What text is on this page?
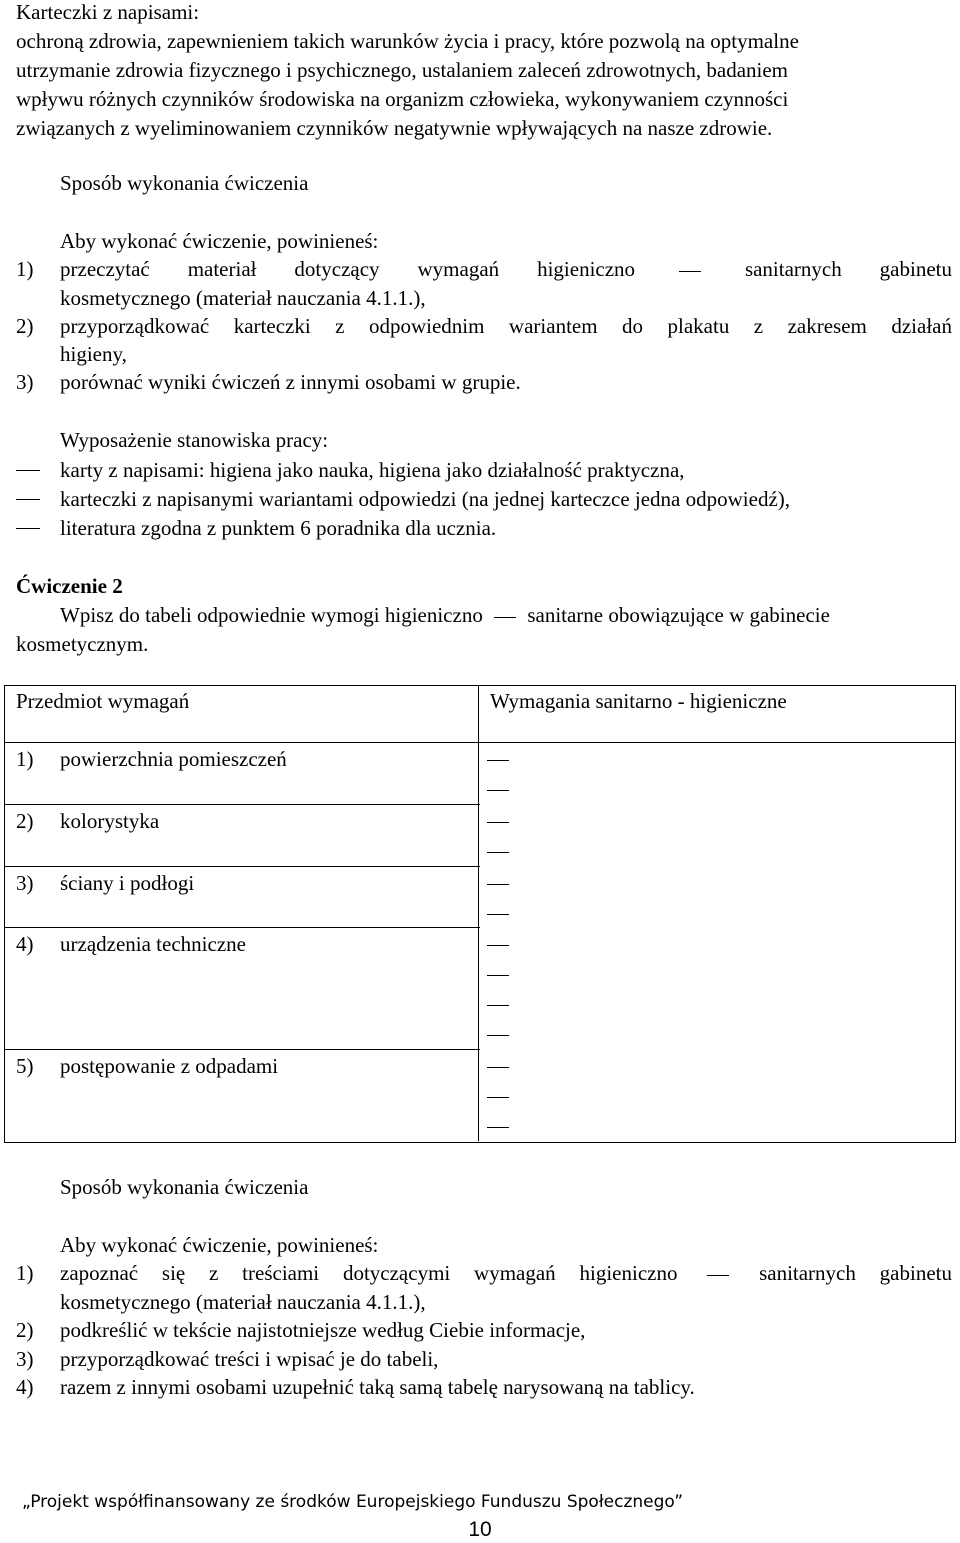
Karteczki z napisami:

ochroną zdrowia, zapewnieniem takich warunków życia i pracy, które pozwolą na optymalne

utrzymanie zdrowia fizycznego i psychicznego, ustalaniem zaleceń zdrowotnych, badaniem

wpływu różnych czynników środowiska na organizm człowieka, wykonywaniem czynności

związanych z wyeliminowaniem czynników negatywnie wpływających na nasze zdrowie.

Sposób wykonania ćwiczenia

Aby wykonać ćwiczenie, powinieneś:

1) przeczytać materiał dotyczący wymagań higieniczno  sanitarnych gabinetu

kosmetycznego (materiał nauczania 4.1.1.),

2) przyporządkować karteczki z odpowiednim wariantem do plakatu z zakresem działań

higieny,

3) porównać wyniki ćwiczeń z innymi osobami w grupie.

Wyposażenie stanowiska pracy:

karty z napisami: higiena jako nauka, higiena jako działalność praktyczna,

karteczki z napisanymi wariantami odpowiedzi (na jednej karteczce jedna odpowiedź),

literatura zgodna z punktem 6 poradnika dla ucznia.

Ćwiczenie 2

Wpisz do tabeli odpowiednie wymogi higieniczno  sanitarne obowiązujące w gabinecie

kosmetycznym.

Przedmiot wymagań	Wymagania sanitarno - higieniczne

1) powierzchnia pomieszczeń

2) kolorystyka

3) ściany i podłogi

4) urządzenia techniczne

5) postępowanie z odpadami

Sposób wykonania ćwiczenia

Aby wykonać ćwiczenie, powinieneś:

1) zapoznać się z treściami dotyczącymi wymagań higieniczno  sanitarnych gabinetu

kosmetycznego (materiał nauczania 4.1.1.),

2) podkreślić w tekście najistotniejsze według Ciebie informacje,

3) przyporządkować treści i wpisać je do tabeli,

4) razem z innymi osobami uzupełnić taką samą tabelę narysowaną na tablicy.

„Projekt współfinansowany ze środków Europejskiego Funduszu Społecznego”
10
